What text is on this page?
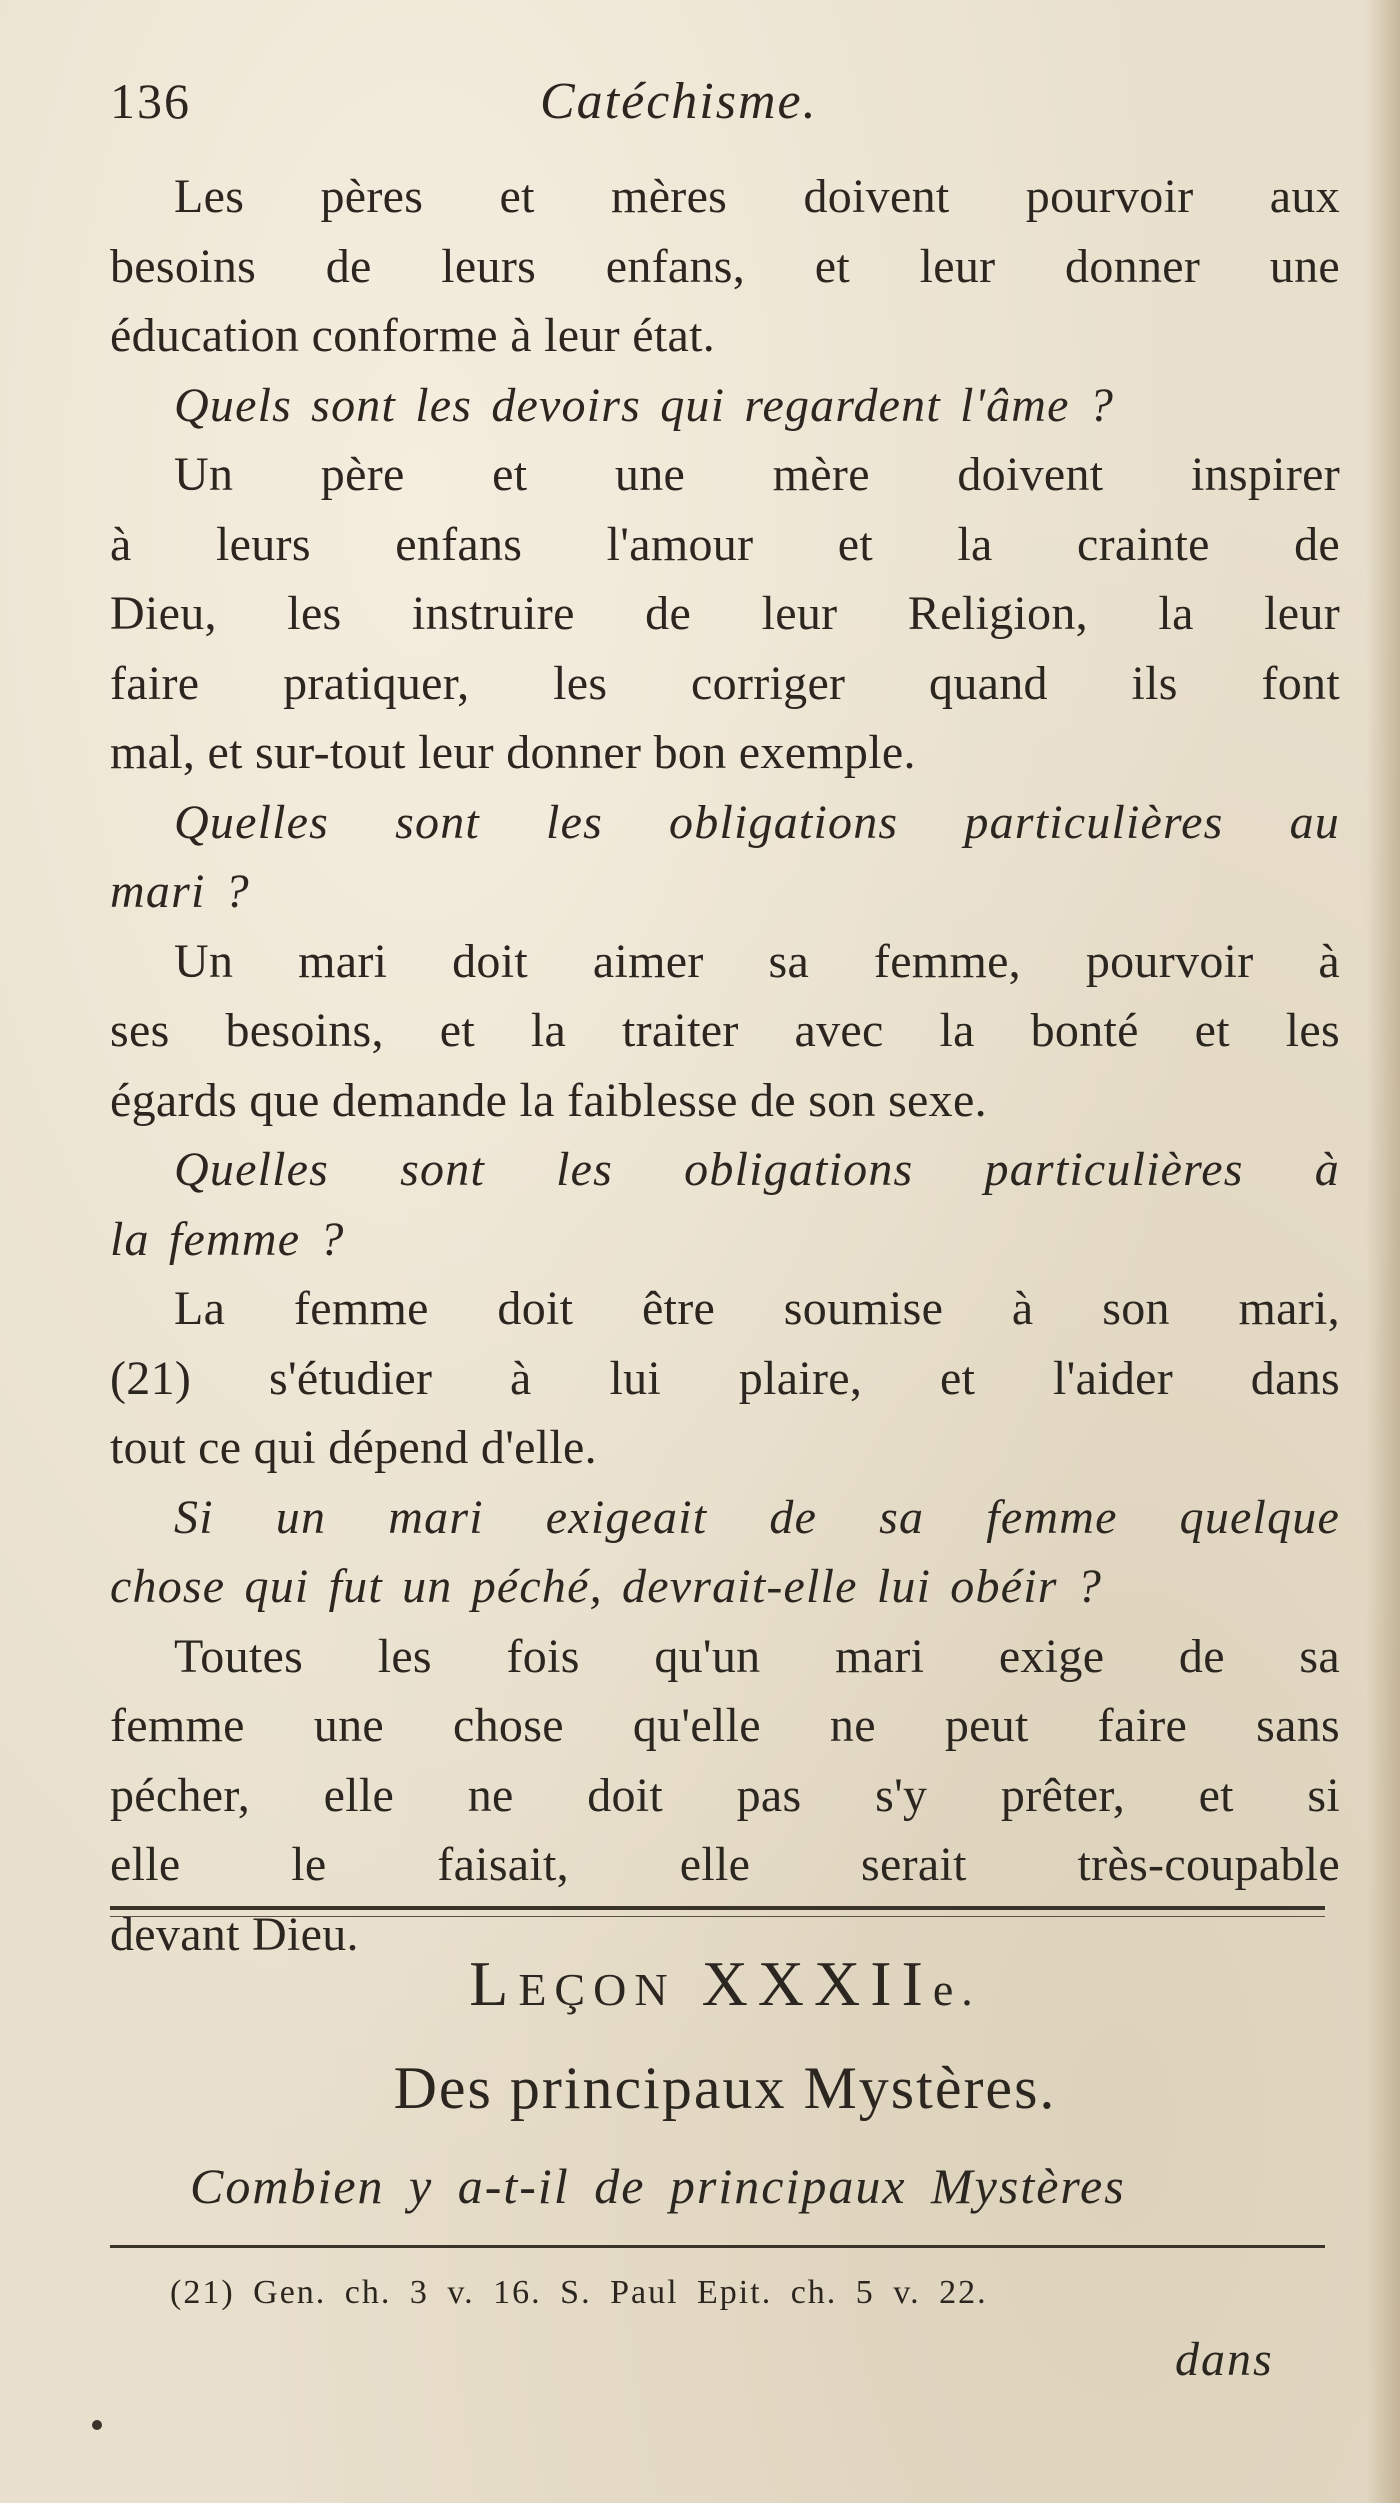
136	Catéchisme.
Les pères et mères doivent pourvoir aux
besoins de leurs enfans, et leur donner une
éducation conforme à leur état.
Quels sont les devoirs qui regardent l'âme ?
Un père et une mère doivent inspirer
à leurs enfans l'amour et la crainte de
Dieu, les instruire de leur Religion, la leur
faire pratiquer, les corriger quand ils font
mal, et sur-tout leur donner bon exemple.
Quelles sont les obligations particulières au
mari ?
Un mari doit aimer sa femme, pourvoir à
ses besoins, et la traiter avec la bonté et les
égards que demande la faiblesse de son sexe.
Quelles sont les obligations particulières à
la femme ?
La femme doit être soumise à son mari,
(21) s'étudier à lui plaire, et l'aider dans
tout ce qui dépend d'elle.
Si un mari exigeait de sa femme quelque
chose qui fut un péché, devrait-elle lui obéir ?
Toutes les fois qu'un mari exige de sa
femme une chose qu'elle ne peut faire sans
pécher, elle ne doit pas s'y prêter, et si
elle le faisait, elle serait très-coupable
devant Dieu.
LEÇON XXXIIe.
Des principaux Mystères.
Combien y a-t-il de principaux Mystères
(21) Gen. ch. 3 v. 16. S. Paul Epit. ch. 5 v. 22.
dans
